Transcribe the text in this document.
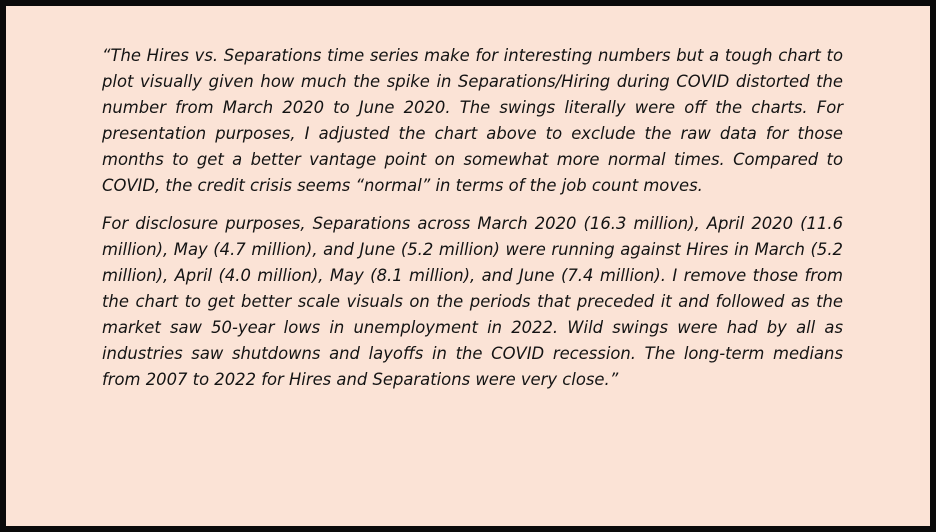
“The Hires vs. Separations time series make for interesting numbers but a tough chart to plot visually given how much the spike in Separations/Hiring during COVID distorted the number from March 2020 to June 2020. The swings literally were off the charts. For presentation purposes, I adjusted the chart above to exclude the raw data for those months to get a better vantage point on somewhat more normal times. Compared to COVID, the credit crisis seems “normal” in terms of the job count moves.

For disclosure purposes, Separations across March 2020 (16.3 million), April 2020 (11.6 million), May (4.7 million), and June (5.2 million) were running against Hires in March (5.2 million), April (4.0 million), May (8.1 million), and June (7.4 million). I remove those from the chart to get better scale visuals on the periods that preceded it and followed as the market saw 50-year lows in unemployment in 2022. Wild swings were had by all as industries saw shutdowns and layoffs in the COVID recession. The long-term medians from 2007 to 2022 for Hires and Separations were very close.”
